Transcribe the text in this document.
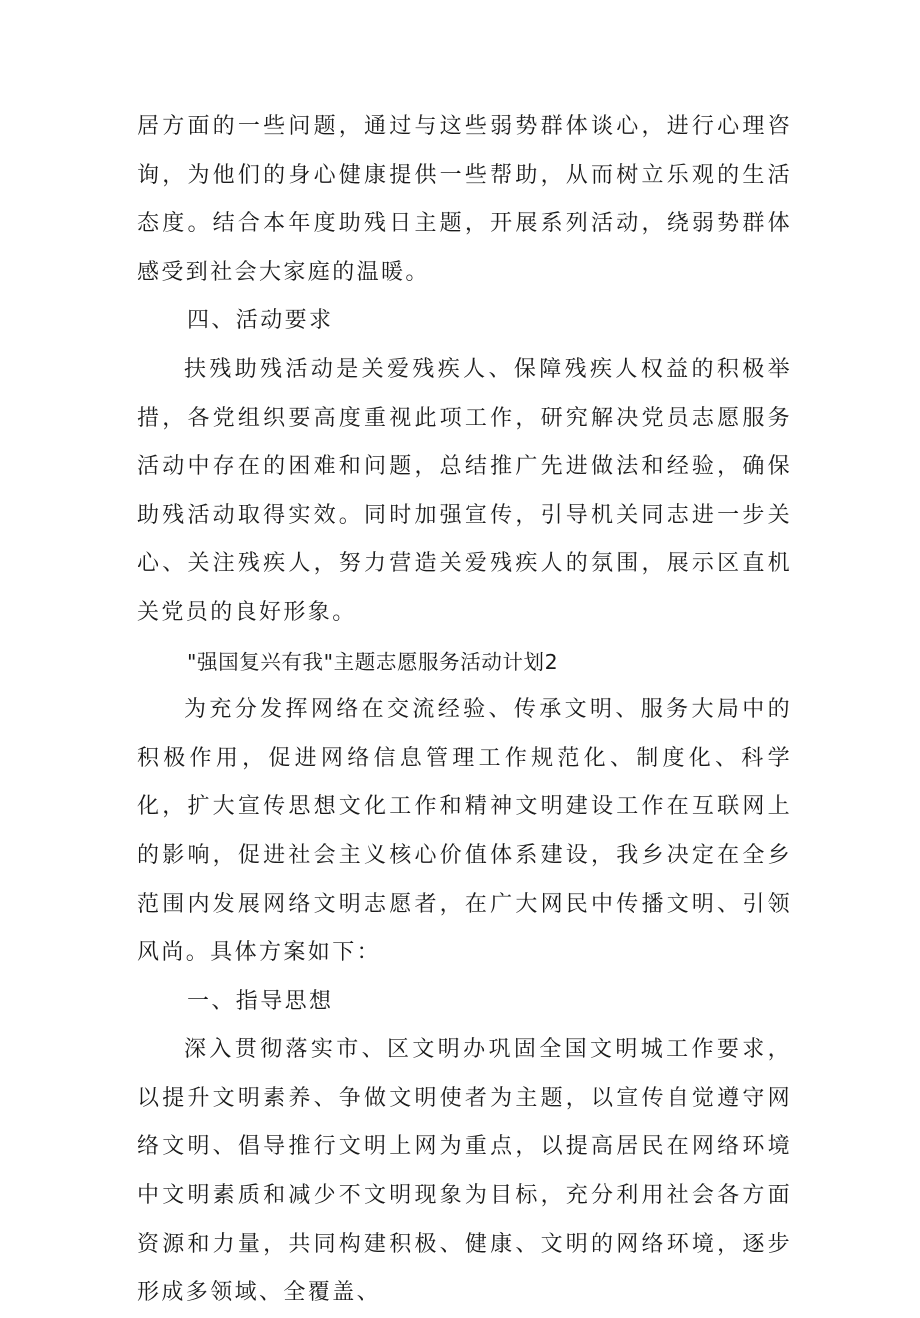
居方面的一些问题，通过与这些弱势群体谈心，进行心理咨询，为他们的身心健康提供一些帮助，从而树立乐观的生活态度。结合本年度助残日主题，开展系列活动，绕弱势群体感受到社会大家庭的温暖。

四、活动要求

扶残助残活动是关爱残疾人、保障残疾人权益的积极举措，各党组织要高度重视此项工作，研究解决党员志愿服务活动中存在的困难和问题，总结推广先进做法和经验，确保助残活动取得实效。同时加强宣传，引导机关同志进一步关心、关注残疾人，努力营造关爱残疾人的氛围，展示区直机关党员的良好形象。

"强国复兴有我"主题志愿服务活动计划2

为充分发挥网络在交流经验、传承文明、服务大局中的积极作用，促进网络信息管理工作规范化、制度化、科学化，扩大宣传思想文化工作和精神文明建设工作在互联网上的影响，促进社会主义核心价值体系建设，我乡决定在全乡范围内发展网络文明志愿者，在广大网民中传播文明、引领风尚。具体方案如下：

一、指导思想

深入贯彻落实市、区文明办巩固全国文明城工作要求，以提升文明素养、争做文明使者为主题，以宣传自觉遵守网络文明、倡导推行文明上网为重点，以提高居民在网络环境中文明素质和减少不文明现象为目标，充分利用社会各方面资源和力量，共同构建积极、健康、文明的网络环境，逐步形成多领域、全覆盖、
